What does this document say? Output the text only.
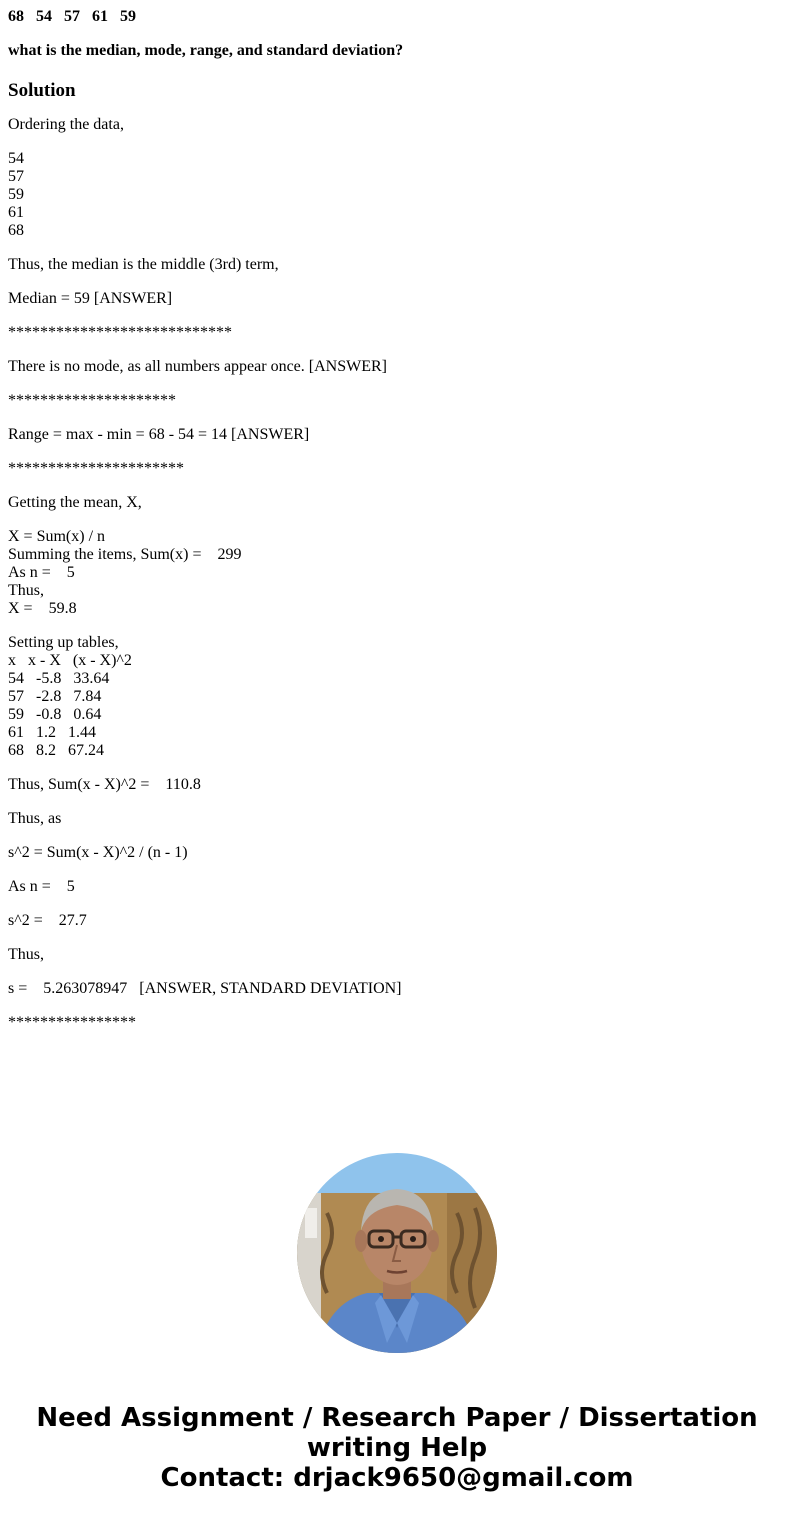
68   54   57   61   59
what is the median, mode, range, and standard deviation?
Solution
Ordering the data,
54
57
59
61
68
Thus, the median is the middle (3rd) term,
Median = 59 [ANSWER]
****************************
There is no mode, as all numbers appear once. [ANSWER]
*********************
Range = max - min = 68 - 54 = 14 [ANSWER]
**********************
Getting the mean, X,
X = Sum(x) / n
Summing the items, Sum(x) =    299
As n =    5
Thus,
X =    59.8
Setting up tables,
x   x - X   (x - X)^2
54   -5.8   33.64
57   -2.8   7.84
59   -0.8   0.64
61   1.2   1.44
68   8.2   67.24
Thus, Sum(x - X)^2 =    110.8
Thus, as
s^2 = Sum(x - X)^2 / (n - 1)
As n =    5
s^2 =    27.7
Thus,
s =    5.263078947   [ANSWER, STANDARD DEVIATION]
****************
Need Assignment / Research Paper / Dissertation
writing Help
Contact: drjack9650@gmail.com
